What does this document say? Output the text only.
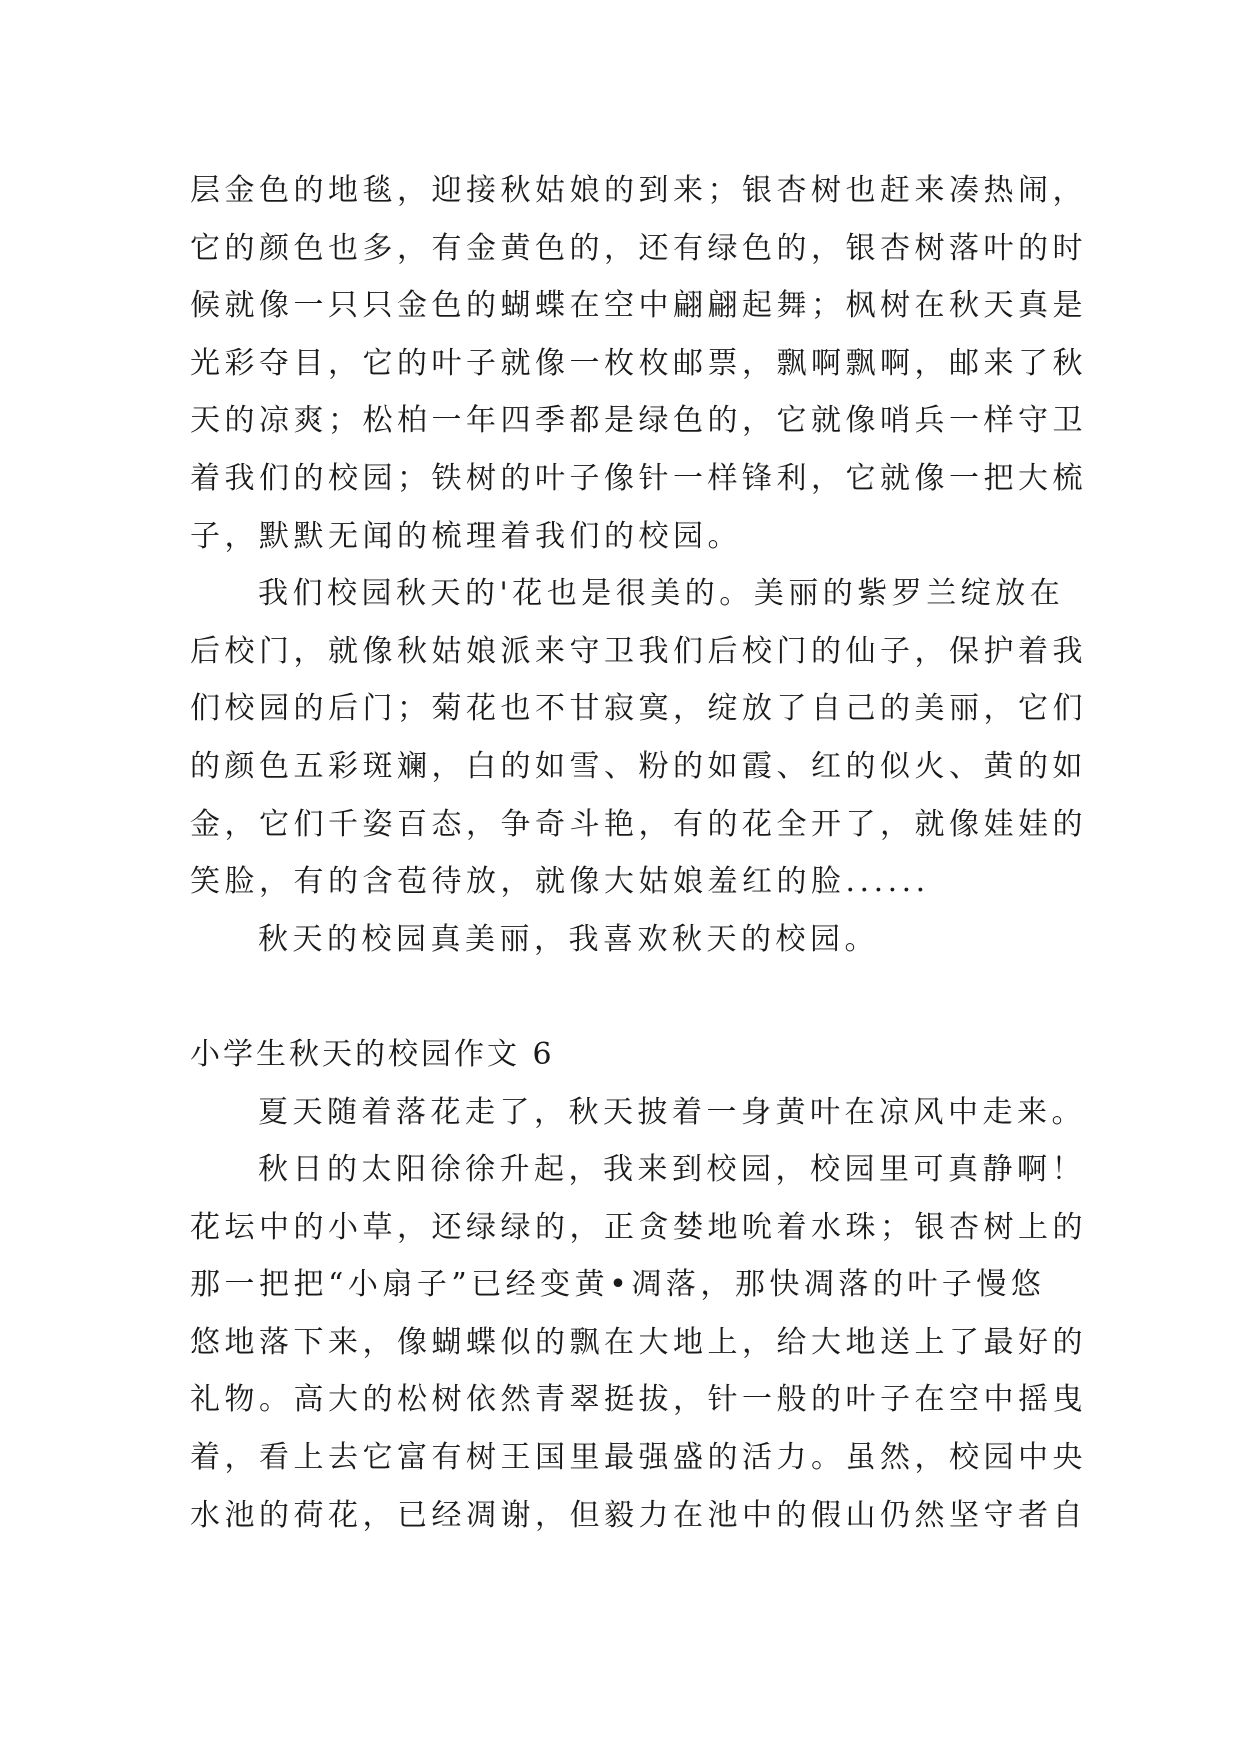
层金色的地毯，迎接秋姑娘的到来；银杏树也赶来凑热闹，
它的颜色也多，有金黄色的，还有绿色的，银杏树落叶的时
候就像一只只金色的蝴蝶在空中翩翩起舞；枫树在秋天真是
光彩夺目，它的叶子就像一枚枚邮票，飘啊飘啊，邮来了秋
天的凉爽；松柏一年四季都是绿色的，它就像哨兵一样守卫
着我们的校园；铁树的叶子像针一样锋利，它就像一把大梳
子，默默无闻的梳理着我们的校园。
我们校园秋天的'花也是很美的。美丽的紫罗兰绽放在
后校门，就像秋姑娘派来守卫我们后校门的仙子，保护着我
们校园的后门；菊花也不甘寂寞，绽放了自己的美丽，它们
的颜色五彩斑斓，白的如雪、粉的如霞、红的似火、黄的如
金，它们千姿百态，争奇斗艳，有的花全开了，就像娃娃的
笑脸，有的含苞待放，就像大姑娘羞红的脸......
秋天的校园真美丽，我喜欢秋天的校园。
小学生秋天的校园作文 6
夏天随着落花走了，秋天披着一身黄叶在凉风中走来。
秋日的太阳徐徐升起，我来到校园，校园里可真静啊！
花坛中的小草，还绿绿的，正贪婪地吮着水珠；银杏树上的
那一把把“小扇子”已经变黄•凋落，那快凋落的叶子慢悠
悠地落下来，像蝴蝶似的飘在大地上，给大地送上了最好的
礼物。高大的松树依然青翠挺拔，针一般的叶子在空中摇曳
着，看上去它富有树王国里最强盛的活力。虽然，校园中央
水池的荷花，已经凋谢，但毅力在池中的假山仍然坚守者自
